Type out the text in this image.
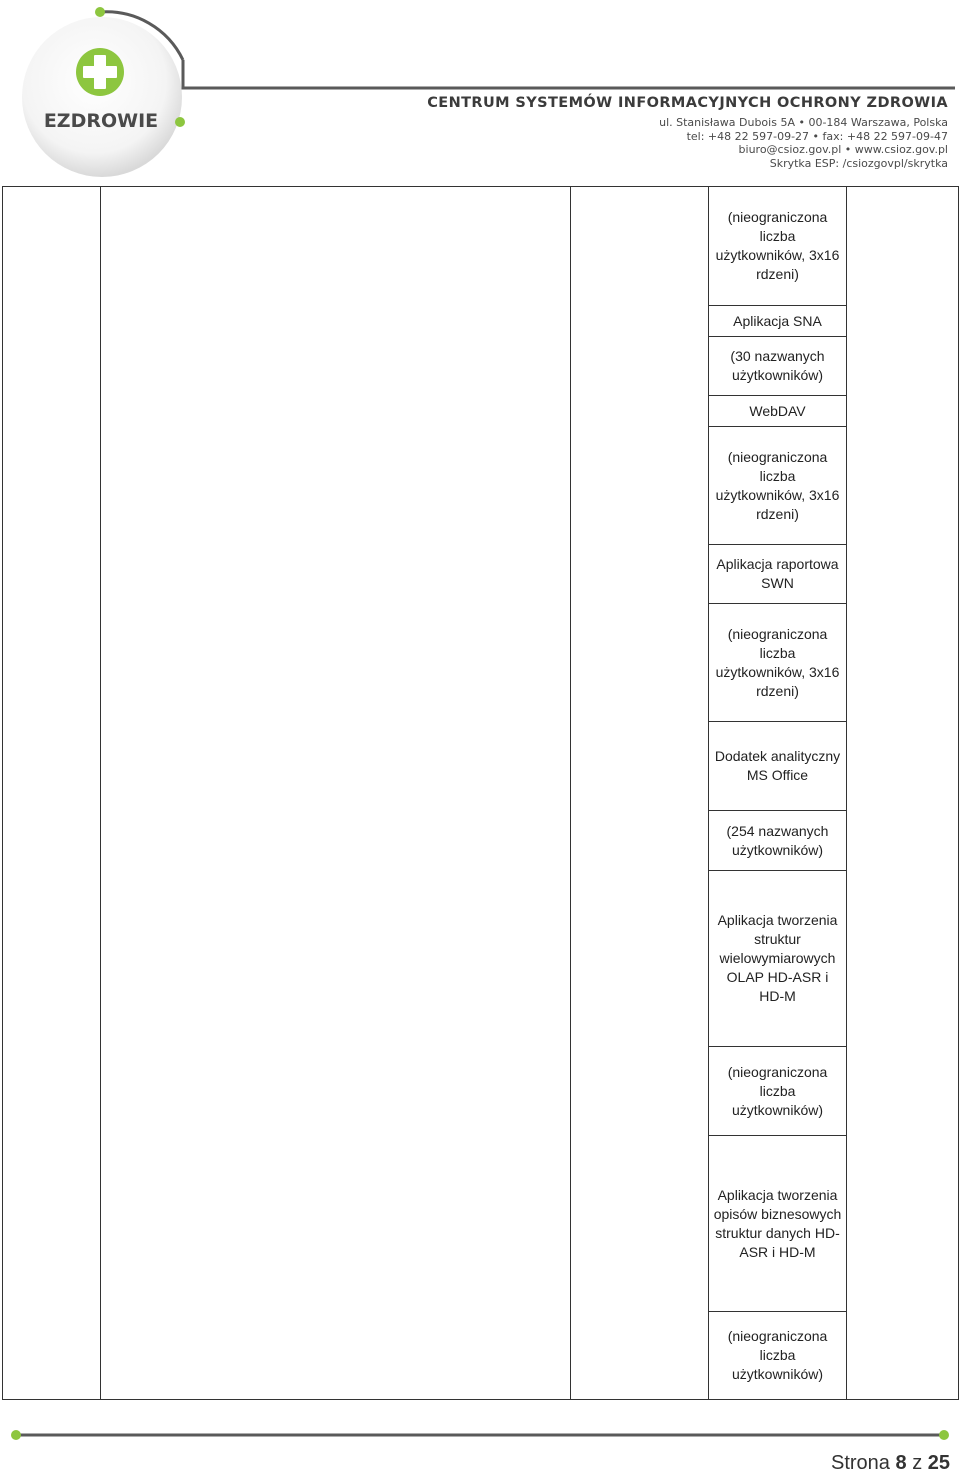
EZDROWIE
CENTRUM SYSTEMÓW INFORMACYJNYCH OCHRONY ZDROWIA
ul. Stanisława Dubois 5A • 00-184 Warszawa, Polska
tel: +48 22 597-09-27 • fax: +48 22 597-09-47
biuro@csioz.gov.pl • www.csioz.gov.pl
Skrytka ESP: /csiozgovpl/skrytka
(nieograniczona liczba użytkowników, 3x16 rdzeni)
Aplikacja SNA
(30 nazwanych użytkowników)
WebDAV
(nieograniczona liczba użytkowników, 3x16 rdzeni)
Aplikacja raportowa SWN
(nieograniczona liczba użytkowników, 3x16 rdzeni)
Dodatek analityczny MS Office
(254 nazwanych użytkowników)
Aplikacja tworzenia struktur wielowymiarowych OLAP HD-ASR i HD-M
(nieograniczona liczba użytkowników)
Aplikacja tworzenia opisów biznesowych struktur danych HD-ASR i HD-M
(nieograniczona liczba użytkowników)
Strona 8 z 25
